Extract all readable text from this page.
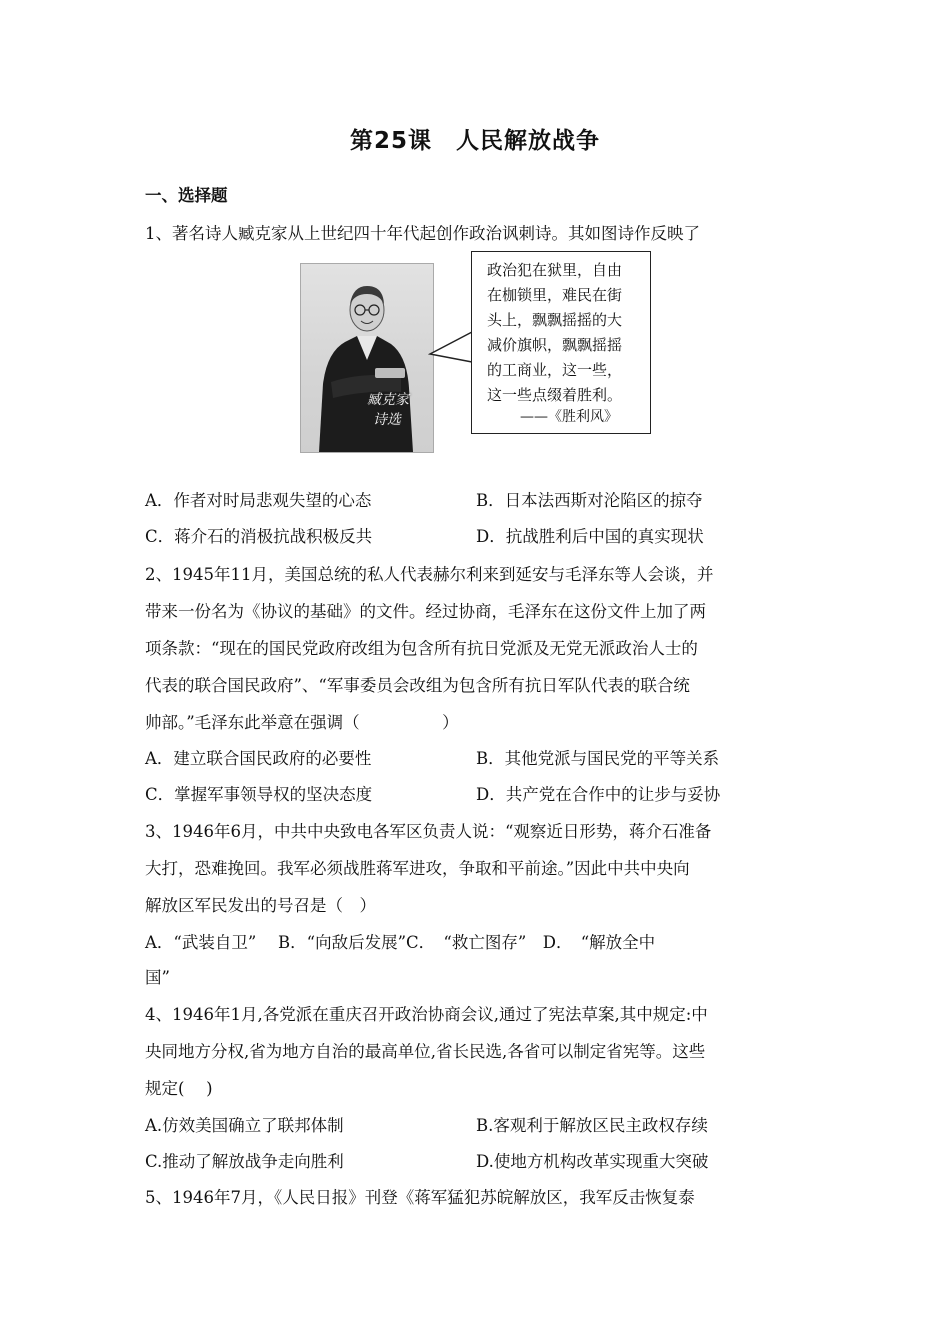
第25课　人民解放战争
一、选择题
1、著名诗人臧克家从上世纪四十年代起创作政治讽刺诗。其如图诗作反映了
臧克家
诗选
政治犯在狱里，自由
在枷锁里，难民在街
头上，飘飘摇摇的大
减价旗帜，飘飘摇摇
的工商业，这一些，
这一些点缀着胜利。
——《胜利风》
A．作者对时局悲观失望的心态	B．日本法西斯对沦陷区的掠夺
C．蒋介石的消极抗战积极反共	D．抗战胜利后中国的真实现状
2、1945年11月，美国总统的私人代表赫尔利来到延安与毛泽东等人会谈，并
带来一份名为《协议的基础》的文件。经过协商，毛泽东在这份文件上加了两
项条款：“现在的国民党政府改组为包含所有抗日党派及无党无派政治人士的
代表的联合国民政府”、“军事委员会改组为包含所有抗日军队代表的联合统
帅部。”毛泽东此举意在强调（　　　　　）
A．建立联合国民政府的必要性	B．其他党派与国民党的平等关系
C．掌握军事领导权的坚决态度	D．共产党在合作中的让步与妥协
3、1946年6月，中共中央致电各军区负责人说：“观察近日形势，蒋介石准备
大打，恐难挽回。我军必须战胜蒋军进攻，争取和平前途。”因此中共中央向
解放区军民发出的号召是（　）
A．“武装自卫”　 B．“向敌后发展”C．　“救亡图存”　D．　“解放全中
国”
4、1946年1月,各党派在重庆召开政治协商会议,通过了宪法草案,其中规定:中
央同地方分权,省为地方自治的最高单位,省长民选,各省可以制定省宪等。这些
规定(　 )
A.仿效美国确立了联邦体制	B.客观利于解放区民主政权存续
C.推动了解放战争走向胜利	D.使地方机构改革实现重大突破
5、1946年7月，《人民日报》刊登《蒋军猛犯苏皖解放区，我军反击恢复泰
